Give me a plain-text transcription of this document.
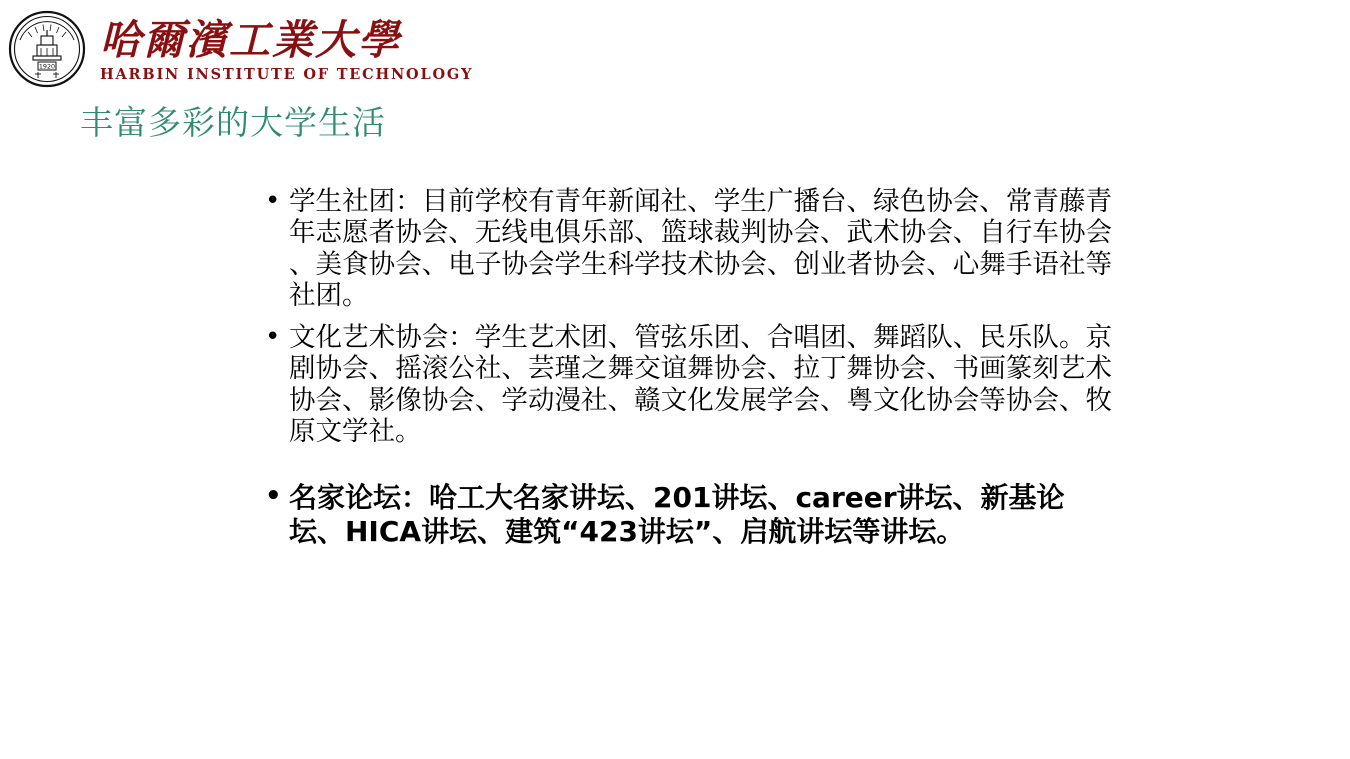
1920
哈爾濱工業大學
HARBIN INSTITUTE OF TECHNOLOGY
丰富多彩的大学生活
• 学生社团：目前学校有青年新闻社、学生广播台、绿色协会、常青藤青年志愿者协会、无线电俱乐部、篮球裁判协会、武术协会、自行车协会 、美食协会、电子协会学生科学技术协会、创业者协会、心舞手语社等社团。
• 文化艺术协会：学生艺术团、管弦乐团、合唱团、舞蹈队、民乐队。京剧协会、摇滚公社、芸瑾之舞交谊舞协会、拉丁舞协会、书画篆刻艺术协会、影像协会、学动漫社、赣文化发展学会、粤文化协会等协会、牧原文学社。
• 名家论坛：哈工大名家讲坛、201讲坛、career讲坛、新基论坛、HICA讲坛、建筑“423讲坛”、启航讲坛等讲坛。
